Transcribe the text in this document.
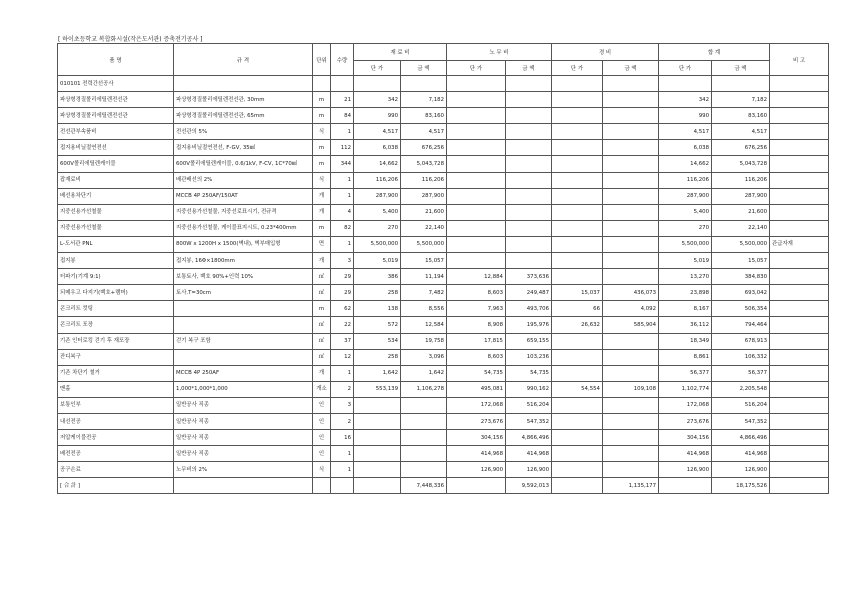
[ 하이초등학교 복합화시설(작은도서관) 증축전기공사 ]
품 명	규 격	단위	수량	재 료 비		노 무 비		경 비		합 계		비 고
				단 가	금 액	단 가	금 액	단 가	금 액	단 가	금 액	
010101 전력간선공사												
파상형경질폴리에틸렌전선관	파상형경질폴리에틸렌전선관, 30mm	m	21	342	7,182					342	7,182	
파상형경질폴리에틸렌전선관	파상형경질폴리에틸렌전선관, 65mm	m	84	990	83,160					990	83,160	
전선관부속품비	전선관의 5%	식	1	4,517	4,517					4,517	4,517	
접지용비닐절연전선	접지용비닐절연전선, F-GV, 35㎟	m	112	6,038	676,256					6,038	676,256	
600V폴리에틸렌케이블	600V폴리에틸렌케이블, 0.6/1kV, F-CV, 1C*70㎟	m	344	14,662	5,043,728					14,662	5,043,728	
잡재료비	배관배선의 2%	식	1	116,206	116,206					116,206	116,206	
배선용차단기	MCCB 4P 250AF/150AT	개	1	287,900	287,900					287,900	287,900	
지중선용가선철물	지중선용가선철물, 지중선로표시기, 전규격	개	4	5,400	21,600					5,400	21,600	
지중선용가선철물	지중선용가선철물, 케이블표지시트, 0.23*400mm	m	82	270	22,140					270	22,140	
L-도서관 PNL	800W x 1200H x 1500(벽내), 벽부매입형	면	1	5,500,000	5,500,000					5,500,000	5,500,000	관급자재
접지봉	접지봉, 16Φ×1800mm	개	3	5,019	15,057					5,019	15,057	
터파기(기계 9:1)	보통토사, 백호 90%+인력 10%	㎥	29	386	11,194	12,884	373,636			13,270	384,830	
되메우고 다지기(백호+램머)	토사.T=30cm	㎥	29	258	7,482	8,603	249,487	15,037	436,073	23,898	693,042	
콘크리트 컷팅		m	62	138	8,556	7,963	493,706	66	4,092	8,167	506,354	
콘크리트 포장		㎡	22	572	12,584	8,908	195,976	26,632	585,904	36,112	794,464	
기존 인터로킹 걷기 후 재포장	걷기 복구 포함	㎡	37	534	19,758	17,815	659,155			18,349	678,913	
잔디복구		㎡	12	258	3,096	8,603	103,236			8,861	106,332	
기존 차단기 철거	MCCB 4P 250AF	개	1	1,642	1,642	54,735	54,735			56,377	56,377	
맨홀	1,000*1,000*1,000	개소	2	553,139	1,106,278	495,081	990,162	54,554	109,108	1,102,774	2,205,548	
보통인부	일반공사 직종	인	3			172,068	516,204			172,068	516,204	
내선전공	일반공사 직종	인	2			273,676	547,352			273,676	547,352	
저압케이블전공	일반공사 직종	인	16			304,156	4,866,496			304,156	4,866,496	
배전전공	일반공사 직종	인	1			414,968	414,968			414,968	414,968	
공구손료	노무비의 2%	식	1			126,900	126,900			126,900	126,900	
[ 合 計 ]					7,448,336		9,592,013		1,135,177		18,175,526	
